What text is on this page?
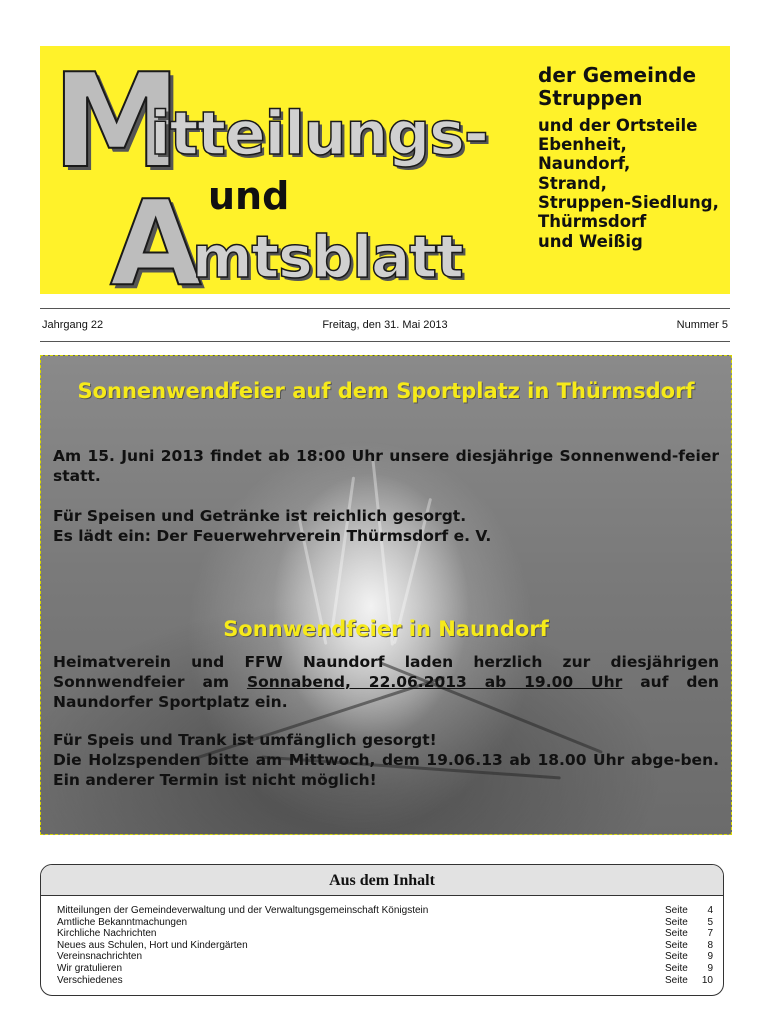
M
itteilungs-
und
A
mtsblatt
der Gemeinde
Struppen
und der Ortsteile
Ebenheit,
Naundorf,
Strand,
Struppen-Siedlung,
Thürmsdorf
und Weißig
Freitag, den 31. Mai 2013
Jahrgang 22	Nummer 5
Sonnenwendfeier auf dem Sportplatz in Thürmsdorf
Am 15. Juni 2013 findet ab 18:00 Uhr unsere diesjährige Sonnenwend-feier statt.
Für Speisen und Getränke ist reichlich gesorgt.
Es lädt ein: Der Feuerwehrverein Thürmsdorf e. V.
Sonnwendfeier in Naundorf
Heimatverein und FFW Naundorf laden herzlich zur diesjährigen Sonnwendfeier am Sonnabend, 22.06.2013 ab 19.00 Uhr auf den Naundorfer Sportplatz ein.
Für Speis und Trank ist umfänglich gesorgt!
Die Holzspenden bitte am Mittwoch, dem 19.06.13 ab 18.00 Uhr abge-ben. Ein anderer Termin ist nicht möglich!
Aus dem Inhalt
Mitteilungen der Gemeindeverwaltung und der Verwaltungsgemeinschaft Königstein	Seite	4
Amtliche Bekanntmachungen	Seite	5
Kirchliche Nachrichten	Seite	7
Neues aus Schulen, Hort und Kindergärten	Seite	8
Vereinsnachrichten	Seite	9
Wir gratulieren	Seite	9
Verschiedenes	Seite	10
